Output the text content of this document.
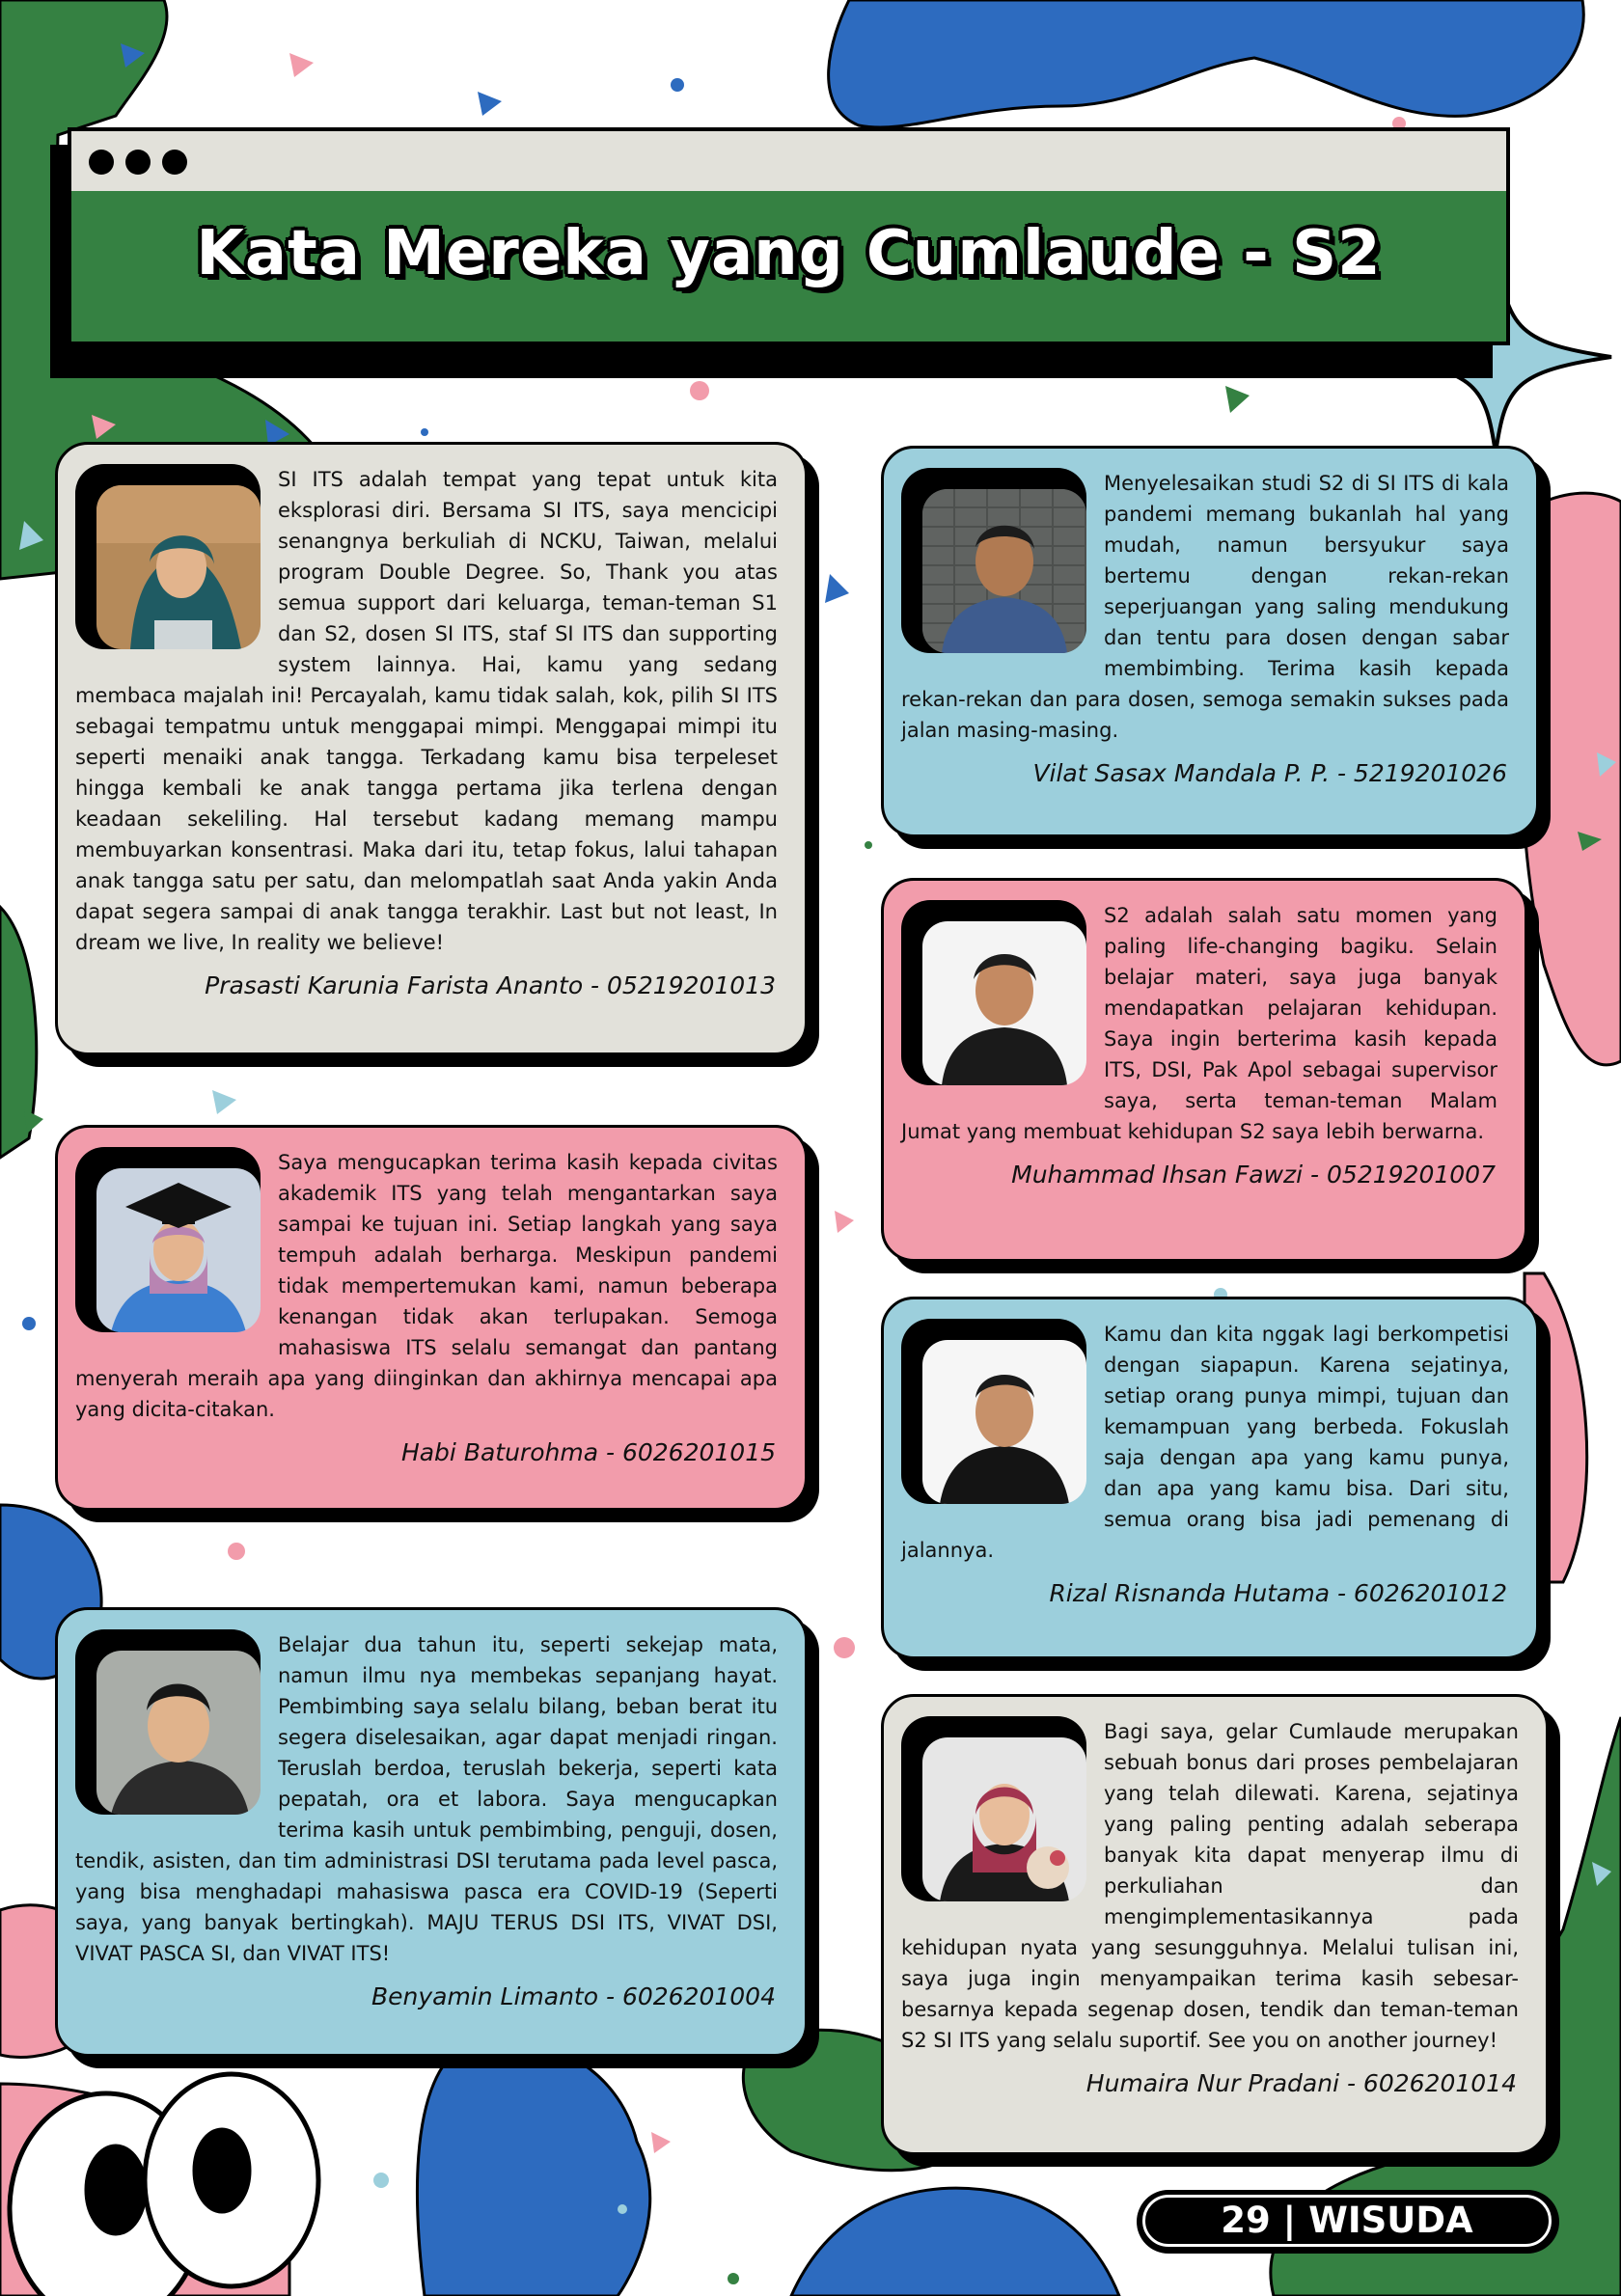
Kata Mereka yang Cumlaude - S2

SI ITS adalah tempat yang tepat untuk kita eksplorasi diri. Bersama SI ITS, saya mencicipi senangnya berkuliah di NCKU, Taiwan, melalui program Double Degree. So, Thank you atas semua support dari keluarga, teman-teman S1 dan S2, dosen SI ITS, staf SI ITS dan supporting system lainnya. Hai, kamu yang sedang membaca majalah ini! Percayalah, kamu tidak salah, kok, pilih SI ITS sebagai tempatmu untuk menggapai mimpi. Menggapai mimpi itu seperti menaiki anak tangga. Terkadang kamu bisa terpeleset hingga kembali ke anak tangga pertama jika terlena dengan keadaan sekeliling. Hal tersebut kadang memang mampu membuyarkan konsentrasi. Maka dari itu, tetap fokus, lalui tahapan anak tangga satu per satu, dan melompatlah saat Anda yakin Anda dapat segera sampai di anak tangga terakhir. Last but not least, In dream we live, In reality we believe!

Prasasti Karunia Farista Ananto - 05219201013

Menyelesaikan studi S2 di SI ITS di kala pandemi memang bukanlah hal yang mudah, namun bersyukur saya bertemu dengan rekan-rekan seperjuangan yang saling mendukung dan tentu para dosen dengan sabar membimbing. Terima kasih kepada rekan-rekan dan para dosen, semoga semakin sukses pada jalan masing-masing.

Vilat Sasax Mandala P. P. - 5219201026

S2 adalah salah satu momen yang paling life-changing bagiku. Selain belajar materi, saya juga banyak mendapatkan pelajaran kehidupan. Saya ingin berterima kasih kepada ITS, DSI, Pak Apol sebagai supervisor saya, serta teman-teman Malam Jumat yang membuat kehidupan S2 saya lebih berwarna.

Muhammad Ihsan Fawzi - 05219201007

Saya mengucapkan terima kasih kepada civitas akademik ITS yang telah mengantarkan saya sampai ke tujuan ini. Setiap langkah yang saya tempuh adalah berharga. Meskipun pandemi tidak mempertemukan kami, namun beberapa kenangan tidak akan terlupakan. Semoga mahasiswa ITS selalu semangat dan pantang menyerah meraih apa yang diinginkan dan akhirnya mencapai apa yang dicita-citakan.

Habi Baturohma - 6026201015

Kamu dan kita nggak lagi berkompetisi dengan siapapun. Karena sejatinya, setiap orang punya mimpi, tujuan dan kemampuan yang berbeda. Fokuslah saja dengan apa yang kamu punya, dan apa yang kamu bisa. Dari situ, semua orang bisa jadi pemenang di jalannya.

Rizal Risnanda Hutama - 6026201012

Belajar dua tahun itu, seperti sekejap mata, namun ilmu nya membekas sepanjang hayat. Pembimbing saya selalu bilang, beban berat itu segera diselesaikan, agar dapat menjadi ringan. Teruslah berdoa, teruslah bekerja, seperti kata pepatah, ora et labora. Saya mengucapkan terima kasih untuk pembimbing, penguji, dosen, tendik, asisten, dan tim administrasi DSI terutama pada level pasca, yang bisa menghadapi mahasiswa pasca era COVID-19 (Seperti saya, yang banyak bertingkah). MAJU TERUS DSI ITS, VIVAT DSI, VIVAT PASCA SI, dan VIVAT ITS!

Benyamin Limanto - 6026201004

Bagi saya, gelar Cumlaude merupakan sebuah bonus dari proses pembelajaran yang telah dilewati. Karena, sejatinya yang paling penting adalah seberapa banyak kita dapat menyerap ilmu di perkuliahan dan mengimplementasikannya pada kehidupan nyata yang sesungguhnya. Melalui tulisan ini, saya juga ingin menyampaikan terima kasih sebesar-besarnya kepada segenap dosen, tendik dan teman-teman S2 SI ITS yang selalu suportif. See you on another journey!

Humaira Nur Pradani - 6026201014
29 | WISUDA
